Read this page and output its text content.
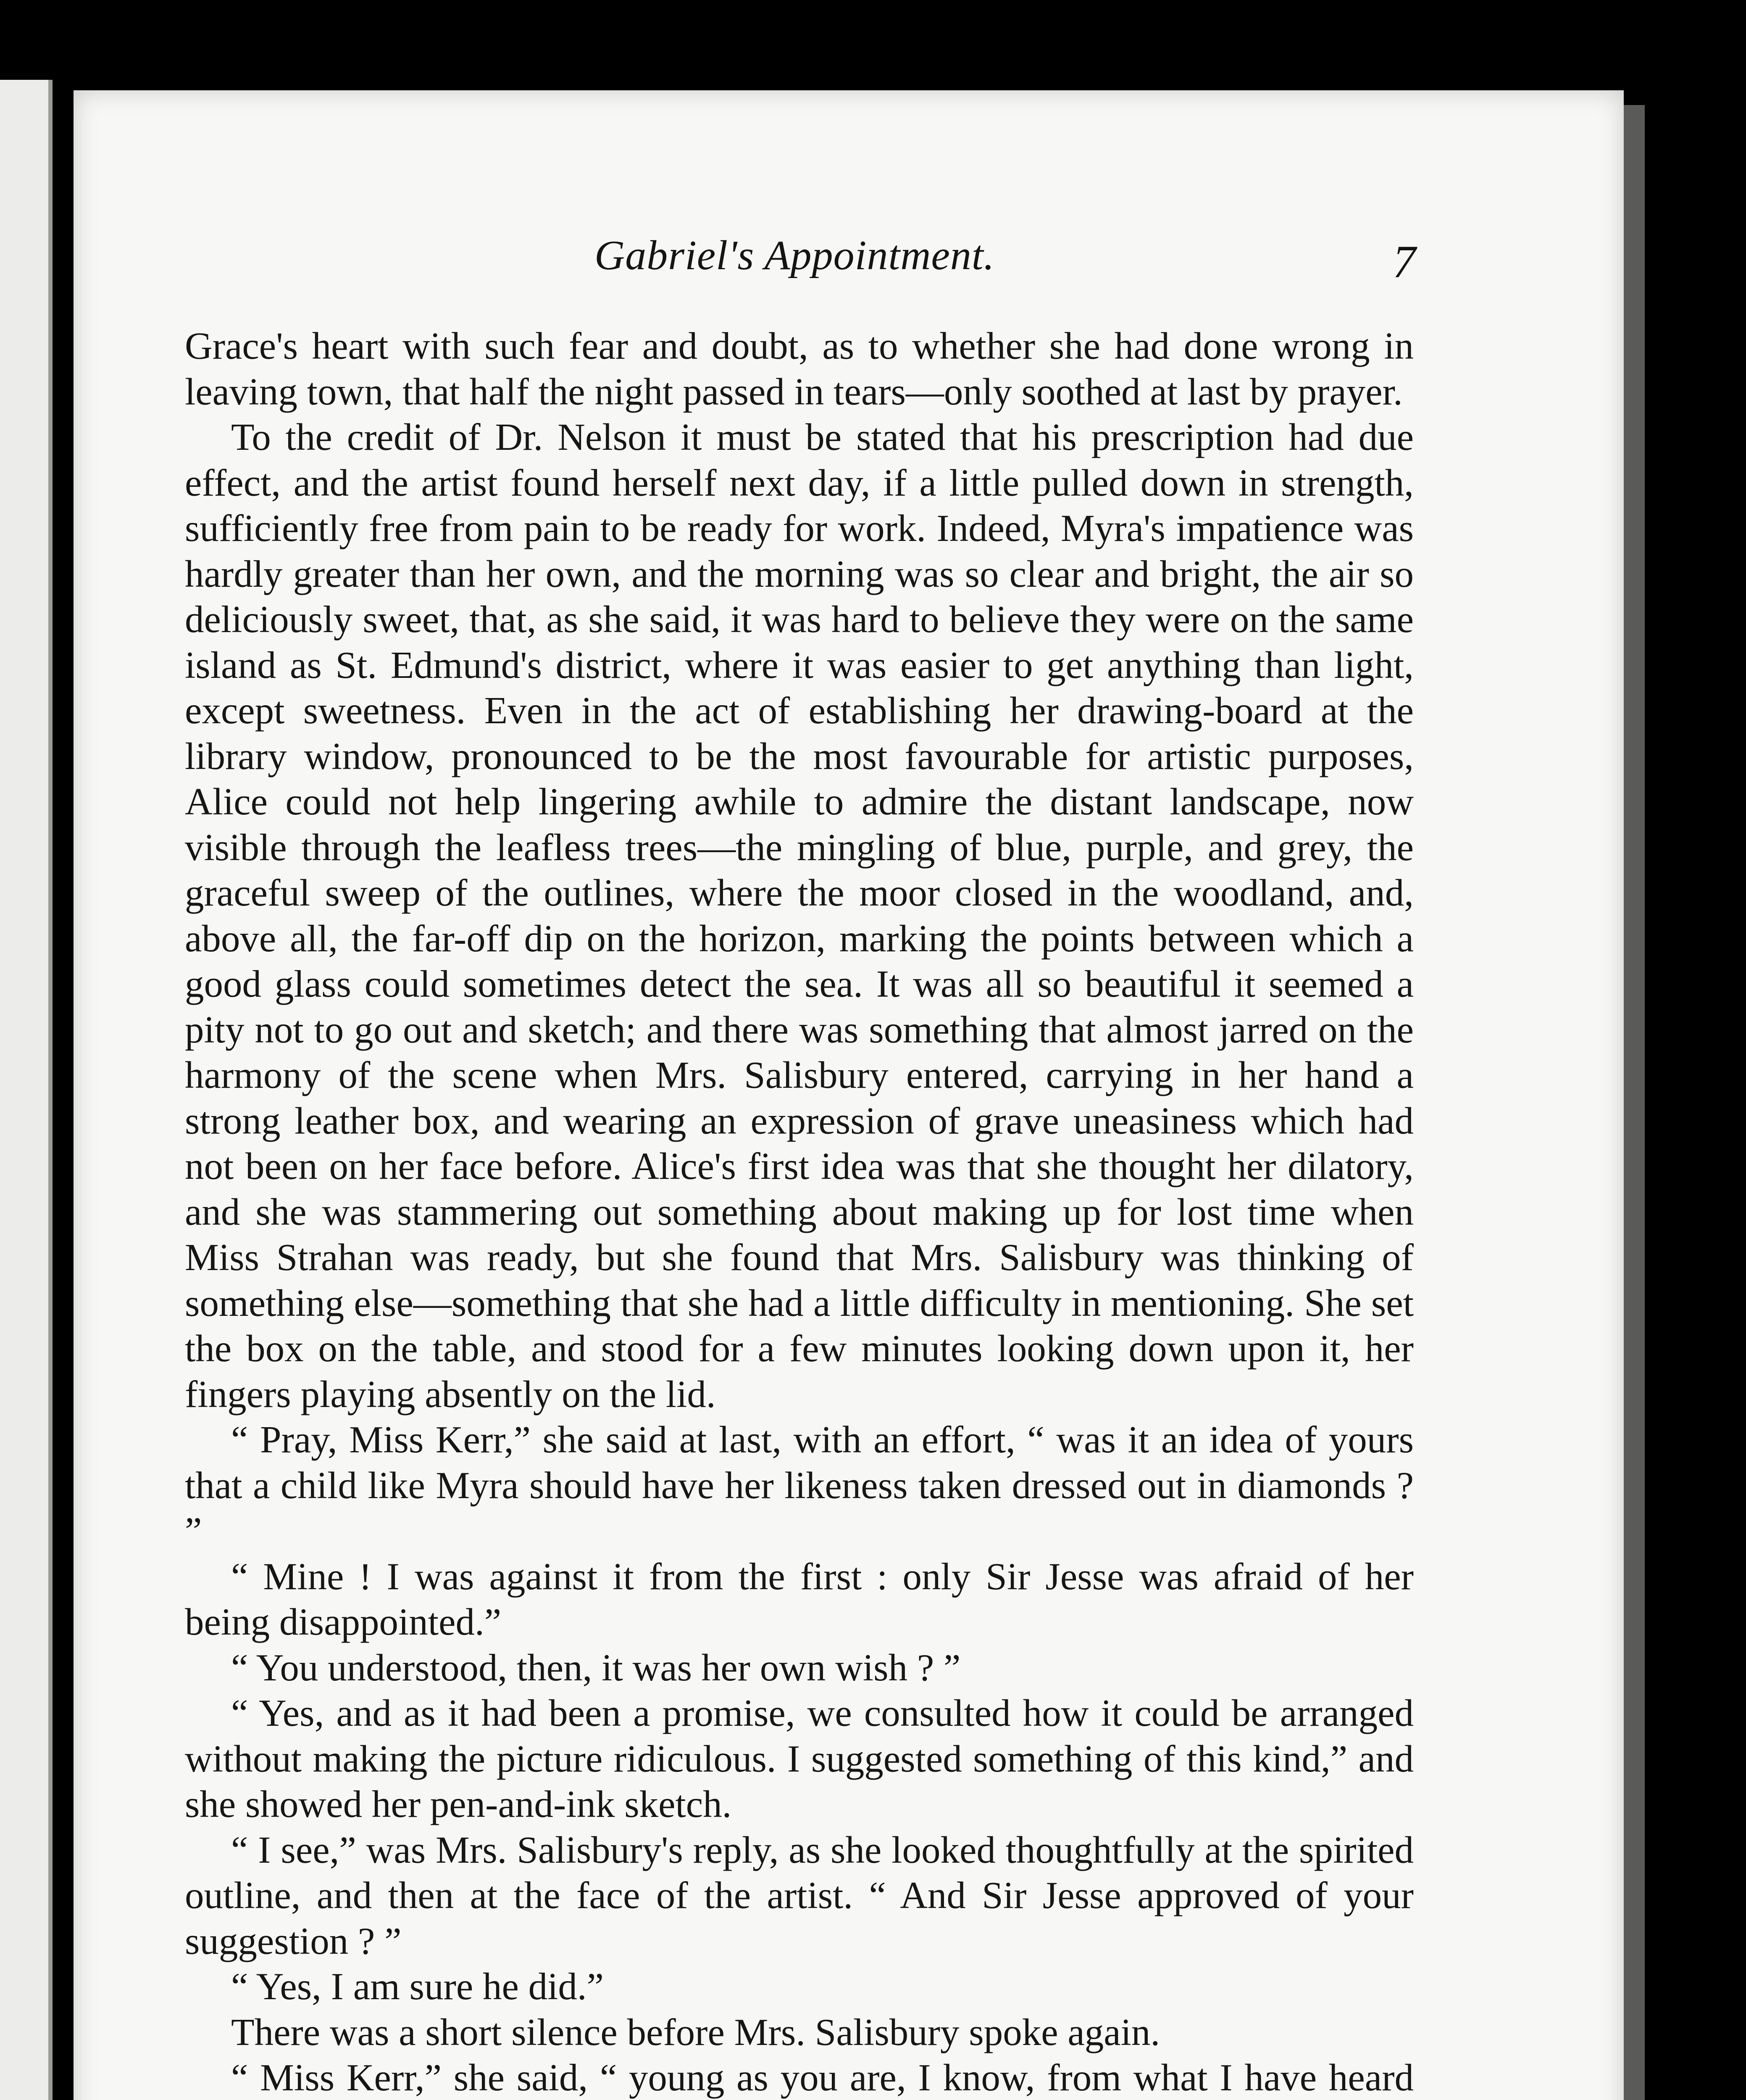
Gabriel's Appointment.	7

Grace's heart with such fear and doubt, as to whether she had done wrong in leaving town, that half the night passed in tears—only soothed at last by prayer.

To the credit of Dr. Nelson it must be stated that his prescription had due effect, and the artist found herself next day, if a little pulled down in strength, sufficiently free from pain to be ready for work. Indeed, Myra's impatience was hardly greater than her own, and the morning was so clear and bright, the air so deliciously sweet, that, as she said, it was hard to believe they were on the same island as St. Edmund's district, where it was easier to get anything than light, except sweetness. Even in the act of establishing her drawing-board at the library window, pronounced to be the most favourable for artistic purposes, Alice could not help lingering awhile to admire the distant landscape, now visible through the leafless trees—the mingling of blue, purple, and grey, the graceful sweep of the outlines, where the moor closed in the woodland, and, above all, the far-off dip on the horizon, marking the points between which a good glass could sometimes detect the sea. It was all so beautiful it seemed a pity not to go out and sketch; and there was something that almost jarred on the harmony of the scene when Mrs. Salisbury entered, carrying in her hand a strong leather box, and wearing an expression of grave uneasiness which had not been on her face before. Alice's first idea was that she thought her dilatory, and she was stammering out something about making up for lost time when Miss Strahan was ready, but she found that Mrs. Salisbury was thinking of something else—something that she had a little difficulty in mentioning. She set the box on the table, and stood for a few minutes looking down upon it, her fingers playing absently on the lid.

“ Pray, Miss Kerr,” she said at last, with an effort, “ was it an idea of yours that a child like Myra should have her likeness taken dressed out in diamonds ? ”

“ Mine ! I was against it from the first : only Sir Jesse was afraid of her being disappointed.”

“ You understood, then, it was her own wish ? ”

“ Yes, and as it had been a promise, we consulted how it could be arranged without making the picture ridiculous. I suggested something of this kind,” and she showed her pen-and-ink sketch.

“ I see,” was Mrs. Salisbury's reply, as she looked thoughtfully at the spirited outline, and then at the face of the artist. “ And Sir Jesse approved of your suggestion ? ”

“ Yes, I am sure he did.”

There was a short silence before Mrs. Salisbury spoke again.

“ Miss Kerr,” she said, “ young as you are, I know, from what I have heard
